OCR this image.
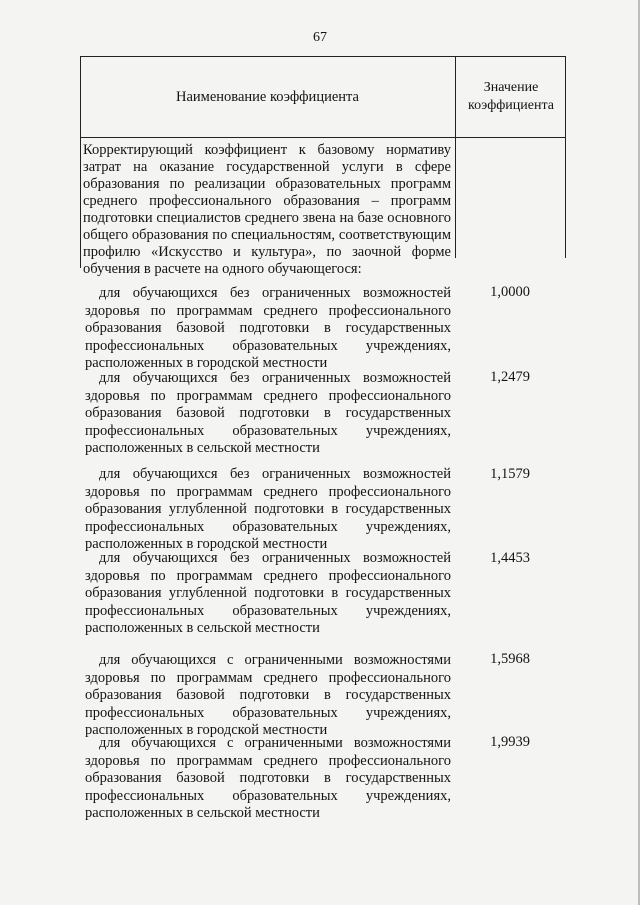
67
Наименование коэффициента
Значение коэффициента
Корректирующий коэффициент к базовому нормативу затрат на оказание государственной услуги в сфере образования по реализации образовательных программ среднего профессионального образования – программ подготовки специалистов среднего звена на базе основного общего образования по специальностям, соответствующим профилю «Искусство и культура», по заочной форме обучения в расчете на одного обучающегося:
для обучающихся без ограниченных возможностей здоровья по программам среднего профессионального образования базовой подготовки в государственных профессиональных образовательных учреждениях, расположенных в городской местности
1,0000
для обучающихся без ограниченных возможностей здоровья по программам среднего профессионального образования базовой подготовки в государственных профессиональных образовательных учреждениях, расположенных в сельской местности
1,2479
для обучающихся без ограниченных возможностей здоровья по программам среднего профессионального образования углубленной подготовки в государственных профессиональных образовательных учреждениях, расположенных в городской местности
1,1579
для обучающихся без ограниченных возможностей здоровья по программам среднего профессионального образования углубленной подготовки в государственных профессиональных образовательных учреждениях, расположенных в сельской местности
1,4453
для обучающихся с ограниченными возможностями здоровья по программам среднего профессионального образования базовой подготовки в государственных профессиональных образовательных учреждениях, расположенных в городской местности
1,5968
для обучающихся с ограниченными возможностями здоровья по программам среднего профессионального образования базовой подготовки в государственных профессиональных образовательных учреждениях, расположенных в сельской местности
1,9939
